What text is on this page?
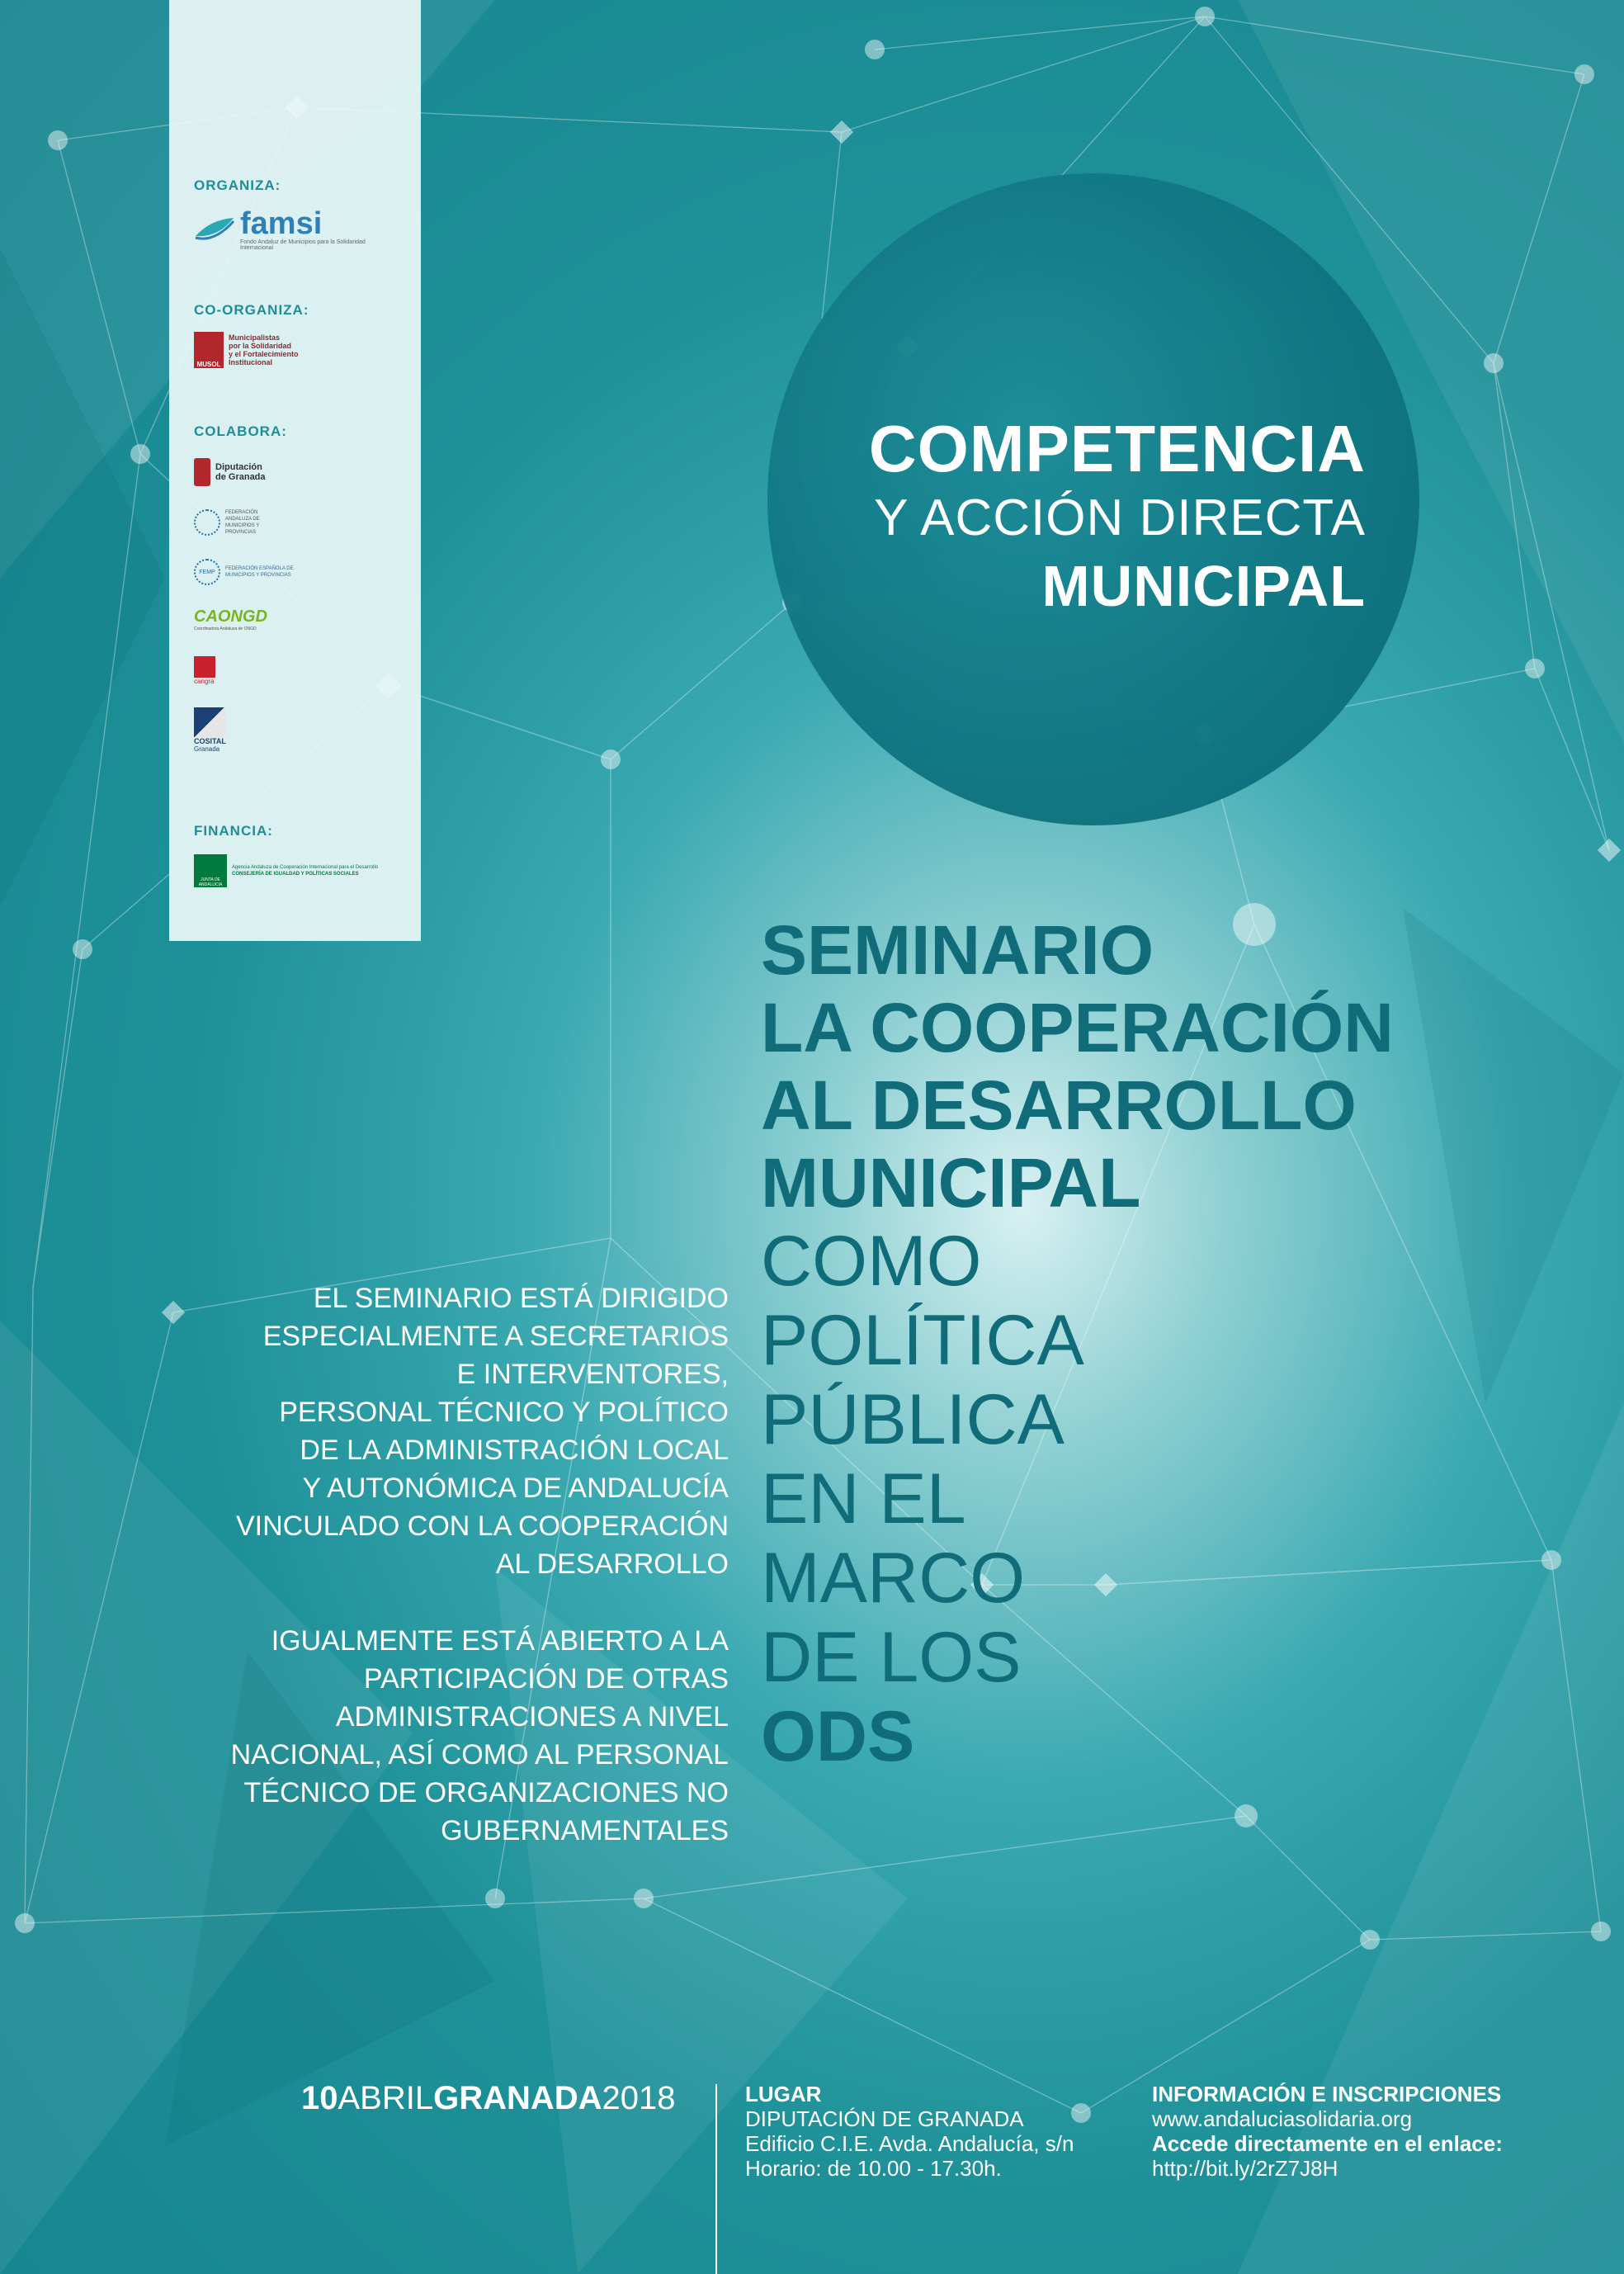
ORGANIZA:
famsi
Fondo Andaluz de Municipios para la Solidaridad Internacional
CO-ORGANIZA:
MUSOL
Municipalistas
por la Solidaridad
y el Fortalecimiento
Institucional
COLABORA:
Diputación de Granada
FEDERACIÓN ANDALUZA DE MUNICIPIOS Y PROVINCIAS
FEMP
FEDERACIÓN ESPAÑOLA DE MUNICIPIOS Y PROVINCIAS
CAONGD
Coordinadora Andaluza de ONGD
cangra
COSITAL
Granada
FINANCIA:
JUNTA DE ANDALUCIA
Agencia Andaluza de Cooperación Internacional para el Desarrollo
CONSEJERÍA DE IGUALDAD Y POLÍTICAS SOCIALES
COMPETENCIA
Y ACCIÓN DIRECTA
MUNICIPAL
SEMINARIO
LA COOPERACIÓN
AL DESARROLLO
MUNICIPAL
COMO
POLÍTICA
PÚBLICA
EN EL
MARCO
DE LOS
ODS
EL SEMINARIO ESTÁ DIRIGIDO
ESPECIALMENTE A SECRETARIOS
E INTERVENTORES,
PERSONAL TÉCNICO Y POLÍTICO
DE LA ADMINISTRACIÓN LOCAL
Y AUTONÓMICA DE ANDALUCÍA
VINCULADO CON LA COOPERACIÓN
AL DESARROLLO
IGUALMENTE ESTÁ ABIERTO A LA
PARTICIPACIÓN DE OTRAS
ADMINISTRACIONES A NIVEL
NACIONAL, ASÍ COMO AL PERSONAL
TÉCNICO DE ORGANIZACIONES NO
GUBERNAMENTALES
10ABRILGRANADA2018	LUGAR
DIPUTACIÓN DE GRANADA
Edificio C.I.E. Avda. Andalucía, s/n
Horario: de 10.00 - 17.30h.
INFORMACIÓN E INSCRIPCIONES
www.andaluciasolidaria.org
Accede directamente en el enlace:
http://bit.ly/2rZ7J8H
